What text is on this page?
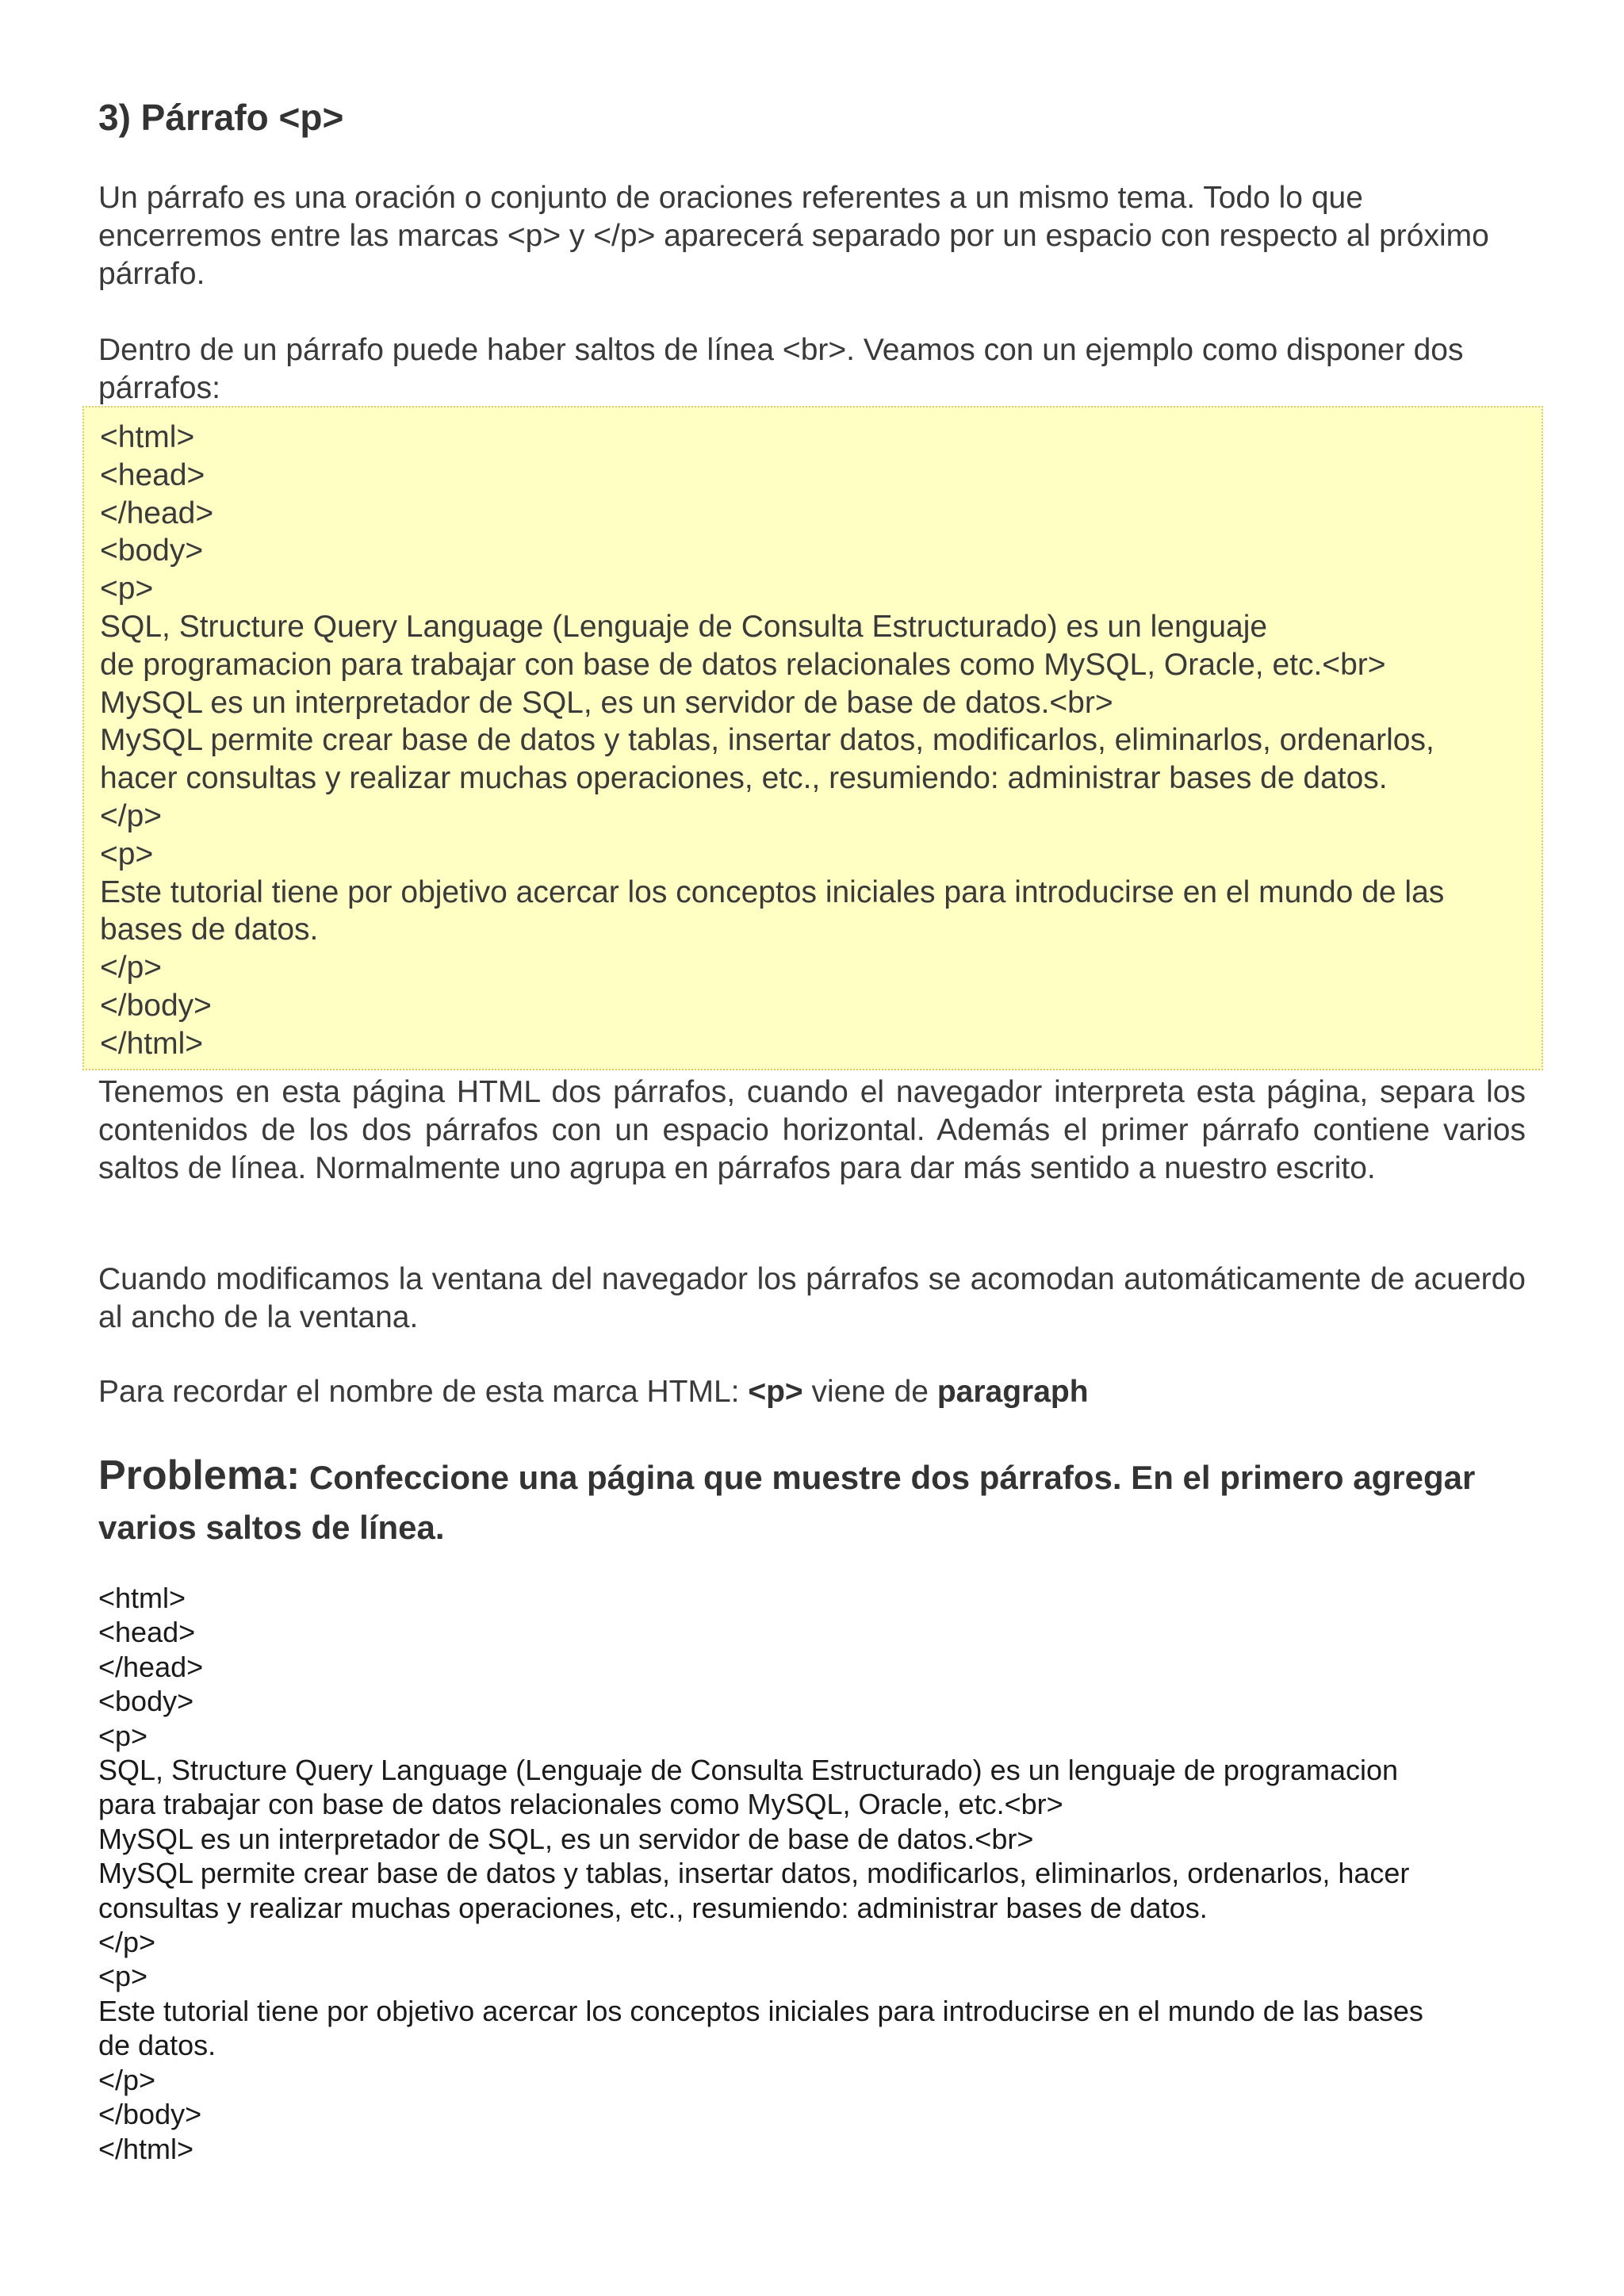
3) Párrafo <p>

Un párrafo es una oración o conjunto de oraciones referentes a un mismo tema. Todo lo que encerremos entre las marcas <p> y </p> aparecerá separado por un espacio con respecto al próximo párrafo.

Dentro de un párrafo puede haber saltos de línea <br>. Veamos con un ejemplo como disponer dos párrafos:

<html>
<head>
</head>
<body>
<p>
SQL, Structure Query Language (Lenguaje de Consulta Estructurado) es un lenguaje
de programacion para trabajar con base de datos relacionales como MySQL, Oracle, etc.<br>
MySQL es un interpretador de SQL, es un servidor de base de datos.<br>
MySQL permite crear base de datos y tablas, insertar datos, modificarlos, eliminarlos, ordenarlos,
hacer consultas y realizar muchas operaciones, etc., resumiendo: administrar bases de datos.
</p>
<p>
Este tutorial tiene por objetivo acercar los conceptos iniciales para introducirse en el mundo de las
bases de datos.
</p>
</body>
</html>

Tenemos en esta página HTML dos párrafos, cuando el navegador interpreta esta página, separa los contenidos de los dos párrafos con un espacio horizontal. Además el primer párrafo contiene varios saltos de línea. Normalmente uno agrupa en párrafos para dar más sentido a nuestro escrito.

Cuando modificamos la ventana del navegador los párrafos se acomodan automáticamente de acuerdo al ancho de la ventana.

Para recordar el nombre de esta marca HTML: <p> viene de paragraph

Problema: Confeccione una página que muestre dos párrafos. En el primero agregar varios saltos de línea.

<html>
<head>
</head>
<body>
<p>
SQL, Structure Query Language (Lenguaje de Consulta Estructurado) es un lenguaje de programacion
para trabajar con base de datos relacionales como MySQL, Oracle, etc.<br>
MySQL es un interpretador de SQL, es un servidor de base de datos.<br>
MySQL permite crear base de datos y tablas, insertar datos, modificarlos, eliminarlos, ordenarlos, hacer
consultas y realizar muchas operaciones, etc., resumiendo: administrar bases de datos.
</p>
<p>
Este tutorial tiene por objetivo acercar los conceptos iniciales para introducirse en el mundo de las bases
de datos.
</p>
</body>
</html>
